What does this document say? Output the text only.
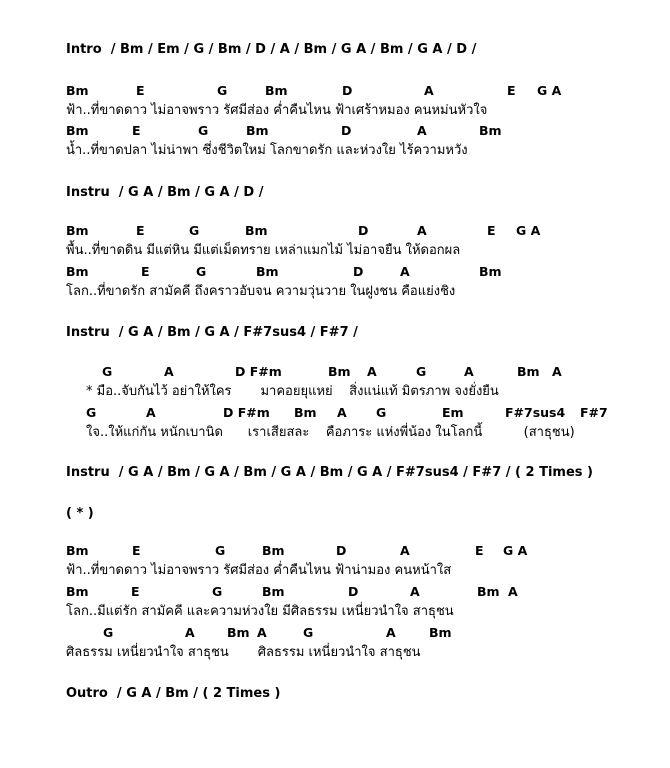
Intro  / Bm / Em / G / Bm / D / A / Bm / G A / Bm / G A / D /

Bm

	E

	G

	Bm

	D

	A

	E

G A

ฟ้า..ที่ขาดดาว ไม่อาจพราว รัศมีส่อง ค่ำคืนไหน ฟ้าเศร้าหมอง คนหม่นหัวใจ

Bm

	E

	G

	Bm

	D

	A

	Bm

น้ำ..ที่ขาดปลา ไม่น่าพา ซึ่งชีวิตใหม่ โลกขาดรัก และห่วงใย ไร้ความหวัง
Instru  / G A / Bm / G A / D /

Bm

	E

	G

	Bm

	D

	A

	E

G A

พื้น..ที่ขาดดิน มีแต่หิน มีแต่เม็ดทราย เหล่าแมกไม้ ไม่อาจยืน ให้ดอกผล

Bm

	E

	G

	Bm

	D

	A

	Bm

โลก..ที่ขาดรัก สามัคคี ถึงคราวอับจน ความวุ่นวาย ในฝูงชน คือแย่งชิง
Instru  / G A / Bm / G A / F#7sus4 / F#7 /

G

	A

	D F#m

	Bm

A

	G

	A

	Bm

A

* มือ..จับกันไว้ อย่าให้ใคร       มาคอยยุแหย่    สิ่งแน่แท้ มิตรภาพ จงยั่งยืน

G

	A

	D F#m

Bm

A

G

	Em

	F#7sus4

F#7

ใจ..ให้แก่กัน หนักเบานิด      เราเสียสละ    คือภาระ แห่งพี่น้อง ในโลกนี้          (สาธุชน)
Instru  / G A / Bm / G A / Bm / G A / Bm / G A / F#7sus4 / F#7 / ( 2 Times )
( * )

Bm

	E

	G

	Bm

	D

	A

	E

G A

ฟ้า..ที่ขาดดาว ไม่อาจพราว รัศมีส่อง ค่ำคืนไหน ฟ้าน่ามอง คนหน้าใส

Bm

	E

	G

	Bm

	D

	A

	Bm

A

โลก..มีแต่รัก สามัคคี และความห่วงใย มีศิลธรรม เหนี่ยวนำใจ สาธุชน

G

	A

	Bm

A

	G

	A

	Bm

ศิลธรรม เหนี่ยวนำใจ สาธุชน       ศิลธรรม เหนี่ยวนำใจ สาธุชน
Outro  / G A / Bm / ( 2 Times )
